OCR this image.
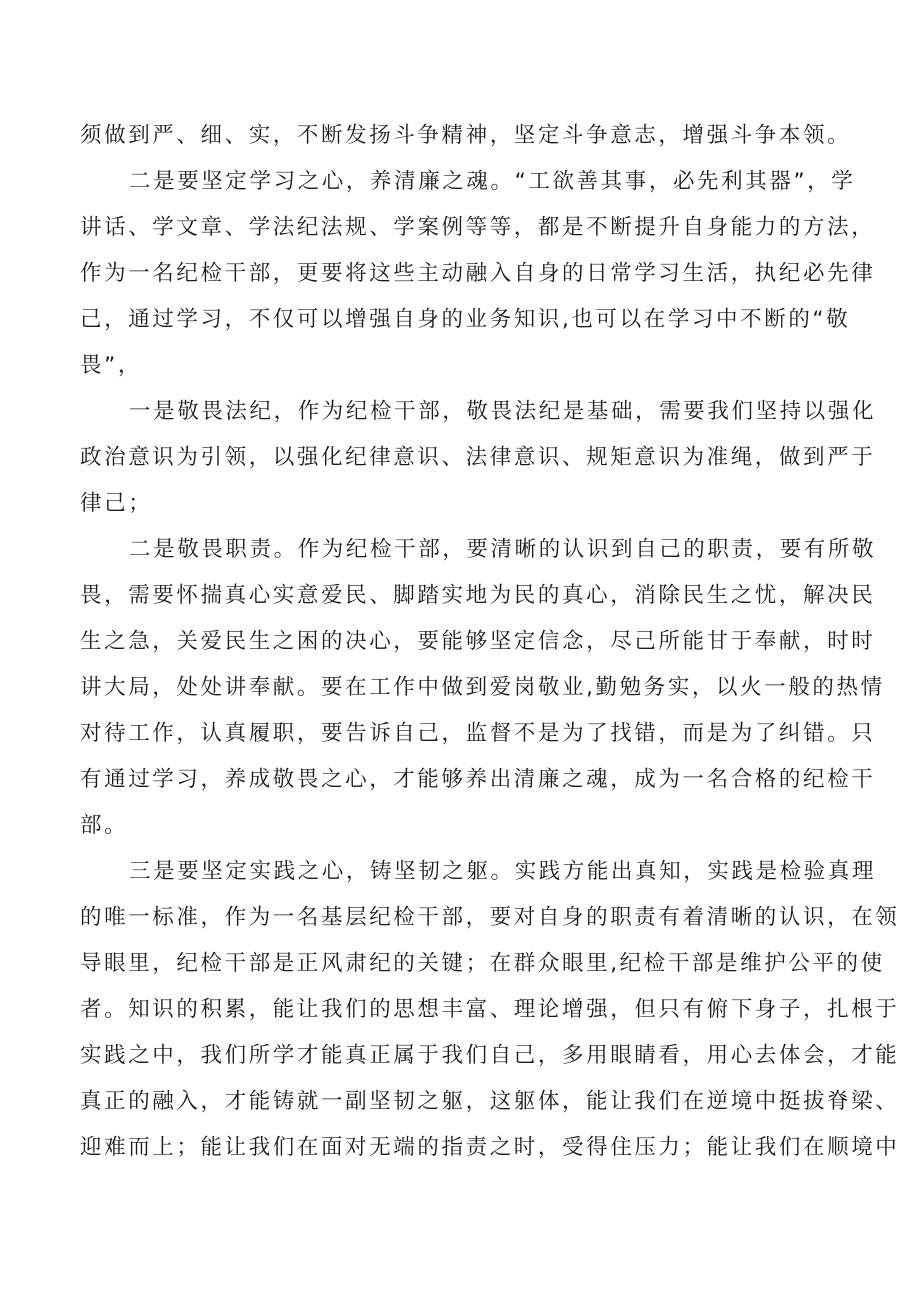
须做到严、细、实，不断发扬斗争精神，坚定斗争意志，增强斗争本领。

二是要坚定学习之心，养清廉之魂。“工欲善其事，必先利其器”，学

讲话、学文章、学法纪法规、学案例等等，都是不断提升自身能力的方法，

作为一名纪检干部，更要将这些主动融入自身的日常学习生活，执纪必先律

己，通过学习，不仅可以增强自身的业务知识,也可以在学习中不断的“敬

畏”，

一是敬畏法纪，作为纪检干部，敬畏法纪是基础，需要我们坚持以强化

政治意识为引领，以强化纪律意识、法律意识、规矩意识为准绳，做到严于

律己；

二是敬畏职责。作为纪检干部，要清晰的认识到自己的职责，要有所敬

畏，需要怀揣真心实意爱民、脚踏实地为民的真心，消除民生之忧，解决民

生之急，关爱民生之困的决心，要能够坚定信念，尽己所能甘于奉献，时时

讲大局，处处讲奉献。要在工作中做到爱岗敬业,勤勉务实，以火一般的热情

对待工作，认真履职，要告诉自己，监督不是为了找错，而是为了纠错。只

有通过学习，养成敬畏之心，才能够养出清廉之魂，成为一名合格的纪检干

部。

三是要坚定实践之心，铸坚韧之躯。实践方能出真知，实践是检验真理

的唯一标准，作为一名基层纪检干部，要对自身的职责有着清晰的认识，在领

导眼里，纪检干部是正风肃纪的关键；在群众眼里,纪检干部是维护公平的使

者。知识的积累，能让我们的思想丰富、理论增强，但只有俯下身子，扎根于

实践之中，我们所学才能真正属于我们自己，多用眼睛看，用心去体会，才能

真正的融入，才能铸就一副坚韧之躯，这躯体，能让我们在逆境中挺拔脊梁、

迎难而上；能让我们在面对无端的指责之时，受得住压力；能让我们在顺境中
